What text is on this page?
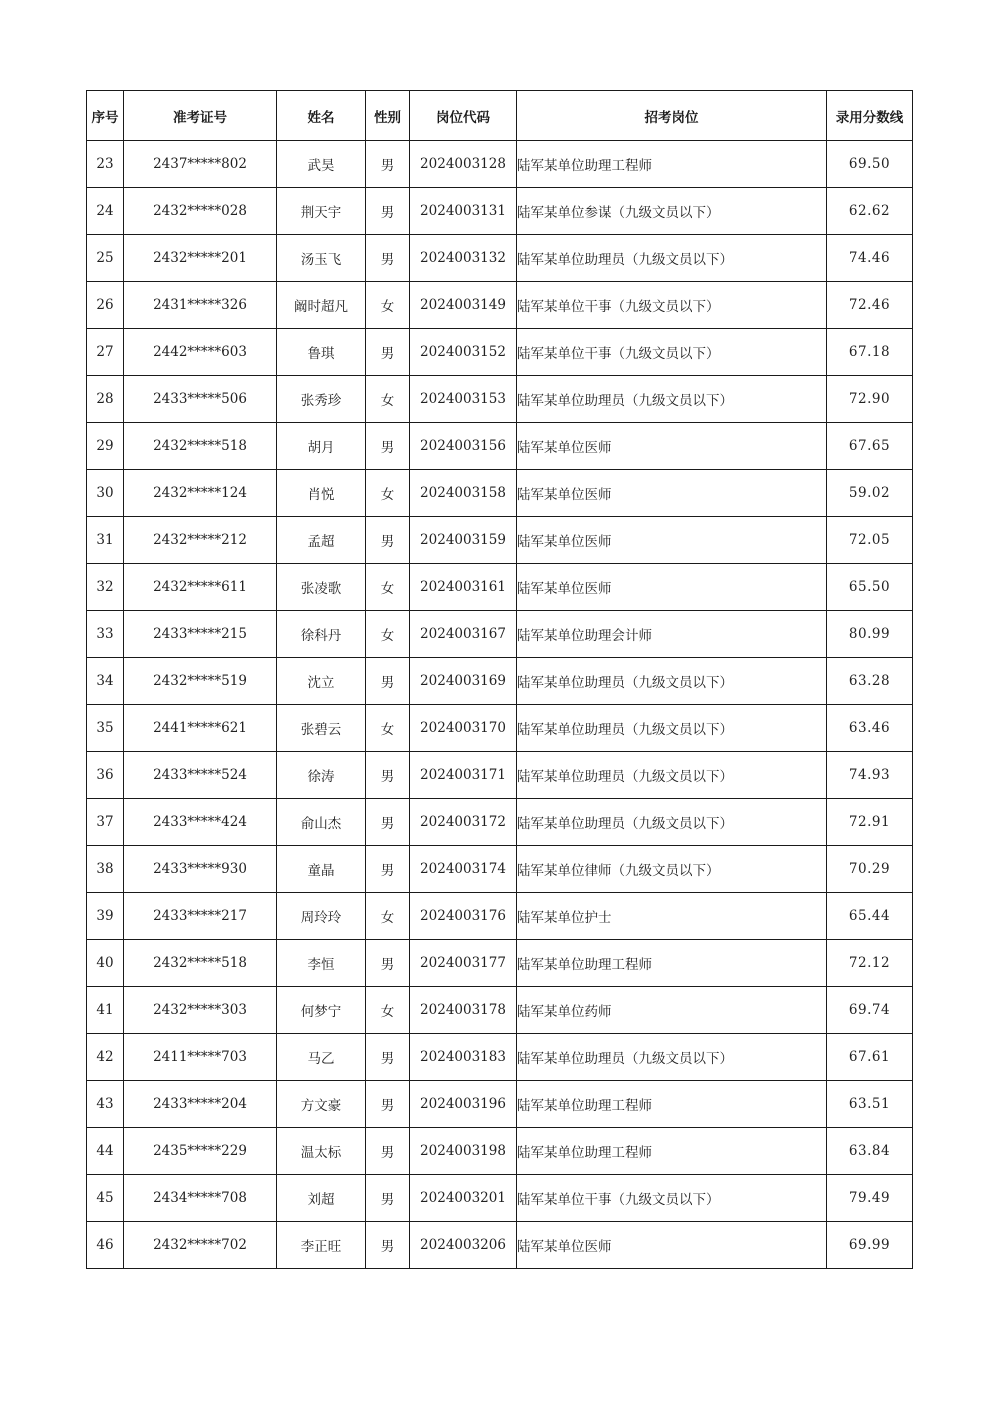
序号	准考证号	姓名	性别	岗位代码	招考岗位	录用分数线
23	2437*****802	武昊	男	2024003128	陆军某单位助理工程师	69.50
24	2432*****028	荆天宇	男	2024003131	陆军某单位参谋（九级文员以下）	62.62
25	2432*****201	汤玉飞	男	2024003132	陆军某单位助理员（九级文员以下）	74.46
26	2431*****326	阚时超凡	女	2024003149	陆军某单位干事（九级文员以下）	72.46
27	2442*****603	鲁琪	男	2024003152	陆军某单位干事（九级文员以下）	67.18
28	2433*****506	张秀珍	女	2024003153	陆军某单位助理员（九级文员以下）	72.90
29	2432*****518	胡月	男	2024003156	陆军某单位医师	67.65
30	2432*****124	肖悦	女	2024003158	陆军某单位医师	59.02
31	2432*****212	孟超	男	2024003159	陆军某单位医师	72.05
32	2432*****611	张凌歌	女	2024003161	陆军某单位医师	65.50
33	2433*****215	徐科丹	女	2024003167	陆军某单位助理会计师	80.99
34	2432*****519	沈立	男	2024003169	陆军某单位助理员（九级文员以下）	63.28
35	2441*****621	张碧云	女	2024003170	陆军某单位助理员（九级文员以下）	63.46
36	2433*****524	徐涛	男	2024003171	陆军某单位助理员（九级文员以下）	74.93
37	2433*****424	俞山杰	男	2024003172	陆军某单位助理员（九级文员以下）	72.91
38	2433*****930	童晶	男	2024003174	陆军某单位律师（九级文员以下）	70.29
39	2433*****217	周玲玲	女	2024003176	陆军某单位护士	65.44
40	2432*****518	李恒	男	2024003177	陆军某单位助理工程师	72.12
41	2432*****303	何梦宁	女	2024003178	陆军某单位药师	69.74
42	2411*****703	马乙	男	2024003183	陆军某单位助理员（九级文员以下）	67.61
43	2433*****204	方文豪	男	2024003196	陆军某单位助理工程师	63.51
44	2435*****229	温太标	男	2024003198	陆军某单位助理工程师	63.84
45	2434*****708	刘超	男	2024003201	陆军某单位干事（九级文员以下）	79.49
46	2432*****702	李正旺	男	2024003206	陆军某单位医师	69.99
